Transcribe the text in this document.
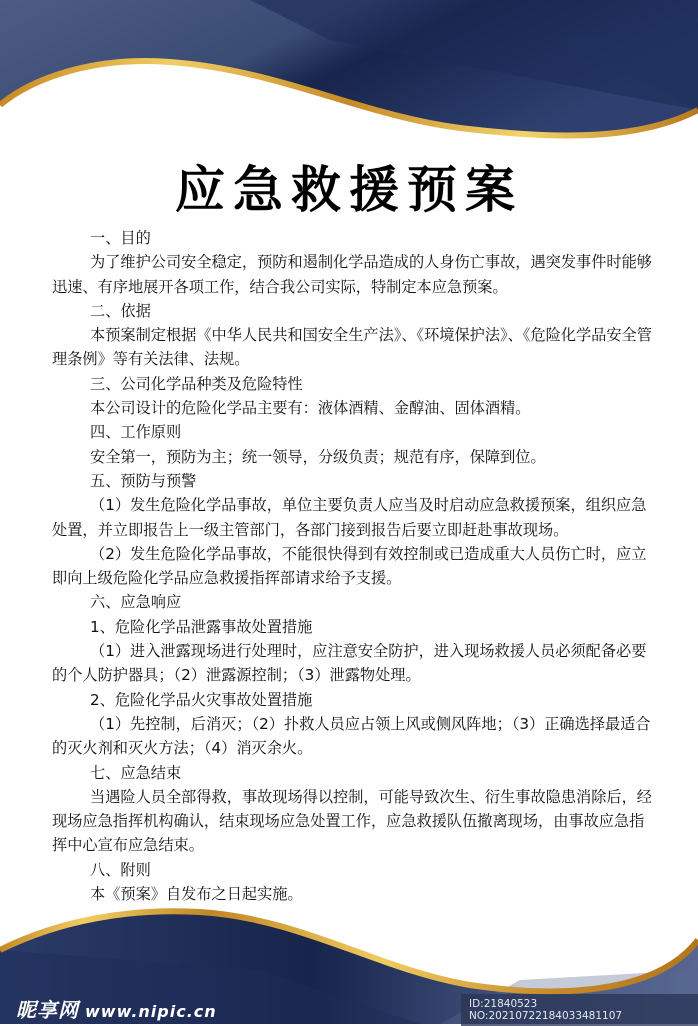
应急救援预案

一、目的

为了维护公司安全稳定，预防和遏制化学品造成的人身伤亡事故，遇突发事件时能够迅速、有序地展开各项工作，结合我公司实际，特制定本应急预案。

二、依据

本预案制定根据《中华人民共和国安全生产法》、《环境保护法》、《危险化学品安全管理条例》等有关法律、法规。

三、公司化学品种类及危险特性

本公司设计的危险化学品主要有：液体酒精、金醇油、固体酒精。

四、工作原则

安全第一，预防为主；统一领导，分级负责；规范有序，保障到位。

五、预防与预警

（1）发生危险化学品事故，单位主要负责人应当及时启动应急救援预案，组织应急处置，并立即报告上一级主管部门，各部门接到报告后要立即赶赴事故现场。

（2）发生危险化学品事故，不能很快得到有效控制或已造成重大人员伤亡时，应立即向上级危险化学品应急救援指挥部请求给予支援。

六、应急响应

1、危险化学品泄露事故处置措施

（1）进入泄露现场进行处理时，应注意安全防护，进入现场救援人员必须配备必要的个人防护器具；（2）泄露源控制；（3）泄露物处理。

2、危险化学品火灾事故处置措施

（1）先控制，后消灭；（2）扑救人员应占领上风或侧风阵地；（3）正确选择最适合的灭火剂和灭火方法；（4）消灭余火。

七、应急结束

当遇险人员全部得救，事故现场得以控制，可能导致次生、衍生事故隐患消除后，经现场应急指挥机构确认，结束现场应急处置工作，应急救援队伍撤离现场，由事故应急指挥中心宣布应急结束。

八、附则

本《预案》自发布之日起实施。

昵享网 www.nipic.cn	ID:21840523 NO:20210722184033481107
